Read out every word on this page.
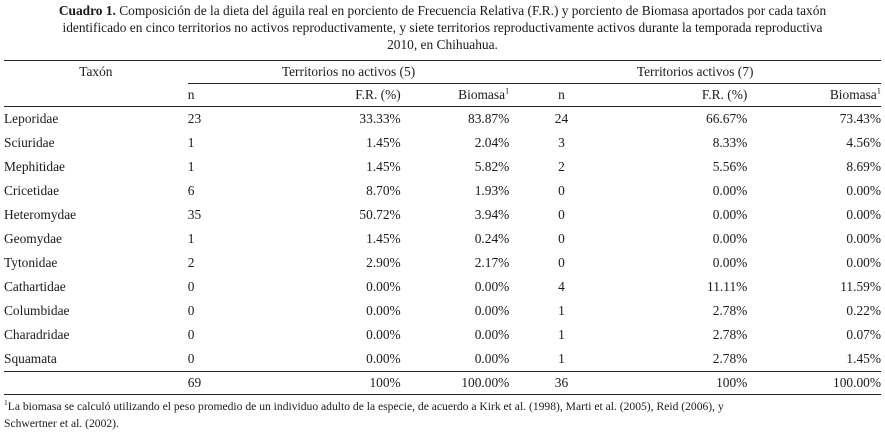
Cuadro 1. Composición de la dieta del águila real en porciento de Frecuencia Relativa (F.R.) y porciento de Biomasa aportados por cada taxón
identificado en cinco territorios no activos reproductivamente, y siete territorios reproductivamente activos durante la temporada reproductiva
2010, en Chihuahua.
Taxón	Territorios no activos (5)			Territorios activos (7)		
	n	F.R. (%)	Biomasa$^1$	n	F.R. (%)	Biomasa$^1$
Leporidae	23	33.33%	83.87%	24	66.67%	73.43%
Sciuridae	1	1.45%	2.04%	3	8.33%	4.56%
Mephitidae	1	1.45%	5.82%	2	5.56%	8.69%
Cricetidae	6	8.70%	1.93%	0	0.00%	0.00%
Heteromydae	35	50.72%	3.94%	0	0.00%	0.00%
Geomydae	1	1.45%	0.24%	0	0.00%	0.00%
Tytonidae	2	2.90%	2.17%	0	0.00%	0.00%
Cathartidae	0	0.00%	0.00%	4	11.11%	11.59%
Columbidae	0	0.00%	0.00%	1	2.78%	0.22%
Charadridae	0	0.00%	0.00%	1	2.78%	0.07%
Squamata	0	0.00%	0.00%	1	2.78%	1.45%
	69	100%	100.00%	36	100%	100.00%
$^1$La biomasa se calculó utilizando el peso promedio de un individuo adulto de la especie, de acuerdo a Kirk et al. (1998), Marti et al. (2005), Reid (2006), y
Schwertner et al. (2002).
